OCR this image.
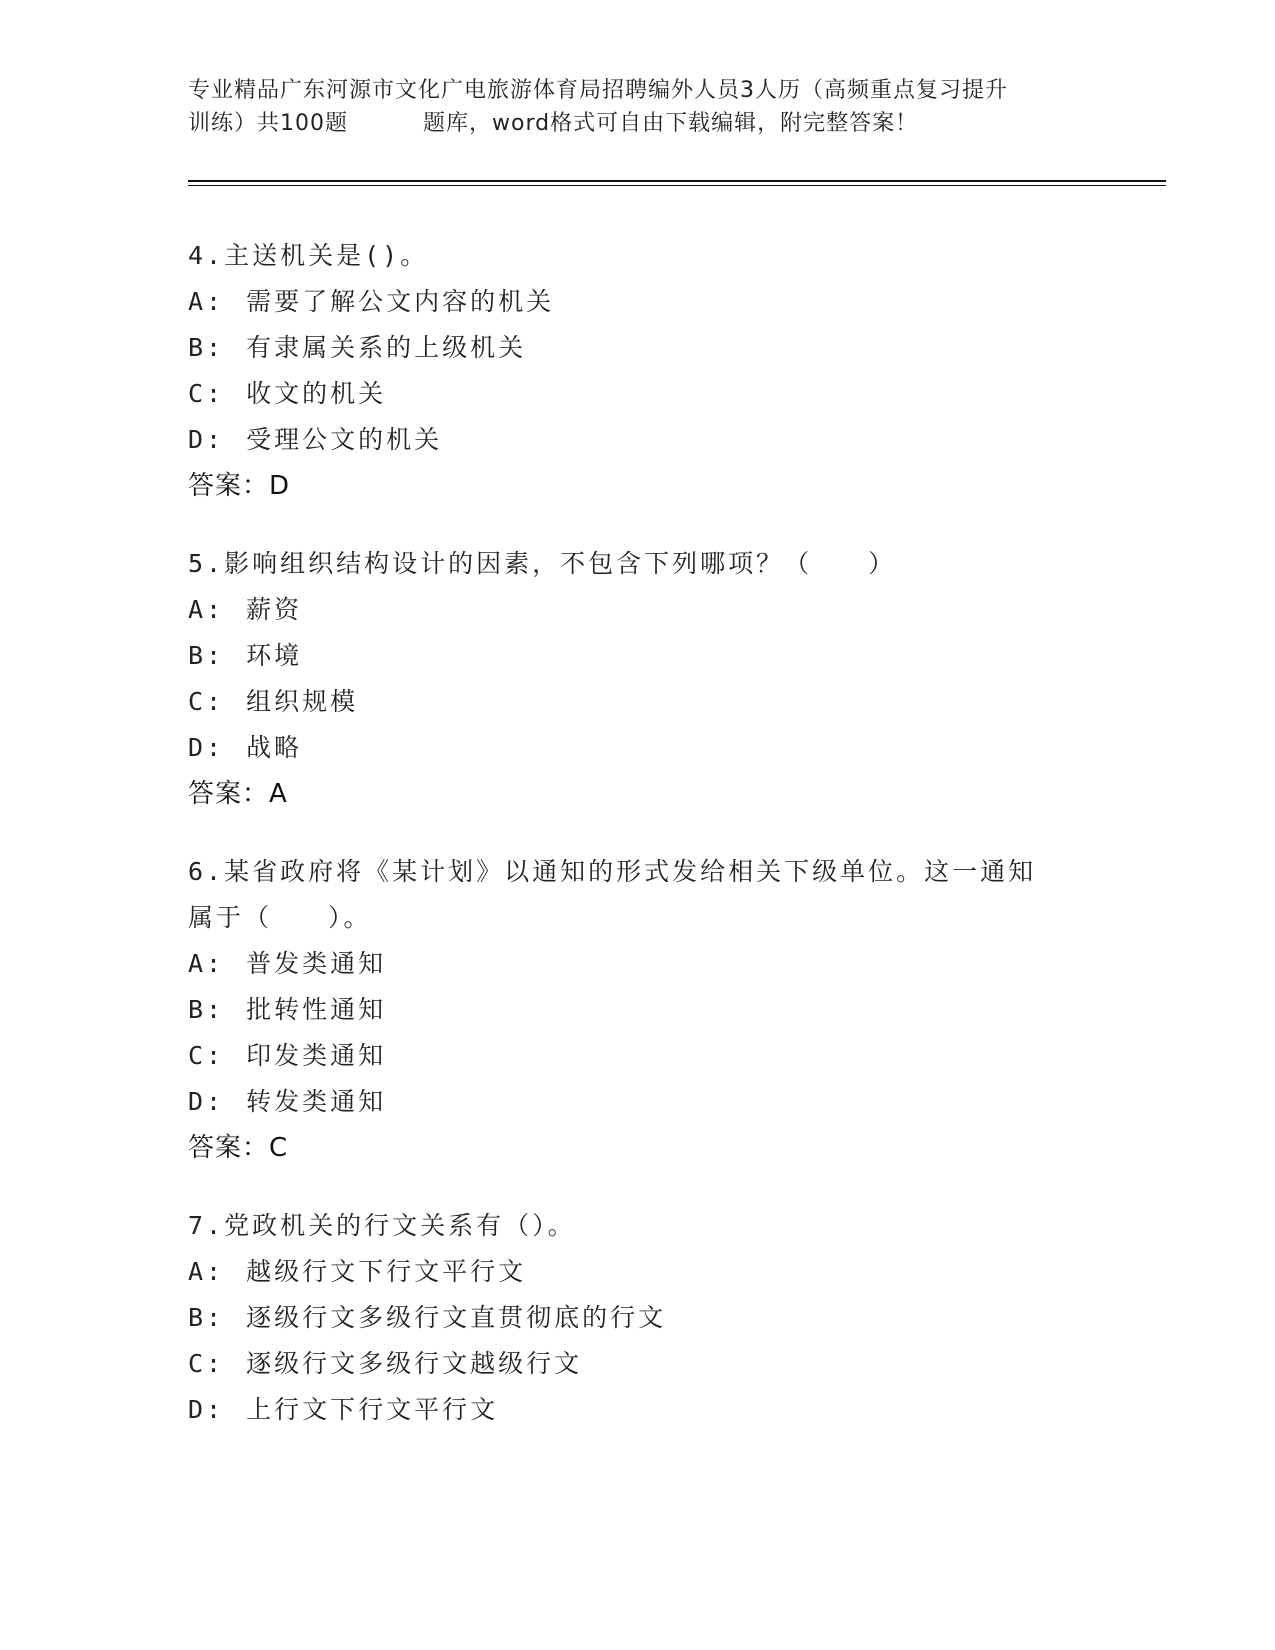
专业精品广东河源市文化广电旅游体育局招聘编外人员3人历（高频重点复习提升
训练）共100题	题库，word格式可自由下载编辑，附完整答案！
4.主送机关是()。
A: 需要了解公文内容的机关
B: 有隶属关系的上级机关
C: 收文的机关
D: 受理公文的机关
答案：D
5.影响组织结构设计的因素，不包含下列哪项？（　　）
A: 薪资
B: 环境
C: 组织规模
D: 战略
答案：A
6.某省政府将《某计划》以通知的形式发给相关下级单位。这一通知
属于（　　）。
A: 普发类通知
B: 批转性通知
C: 印发类通知
D: 转发类通知
答案：C
7.党政机关的行文关系有（）。
A: 越级行文下行文平行文
B: 逐级行文多级行文直贯彻底的行文
C: 逐级行文多级行文越级行文
D: 上行文下行文平行文
